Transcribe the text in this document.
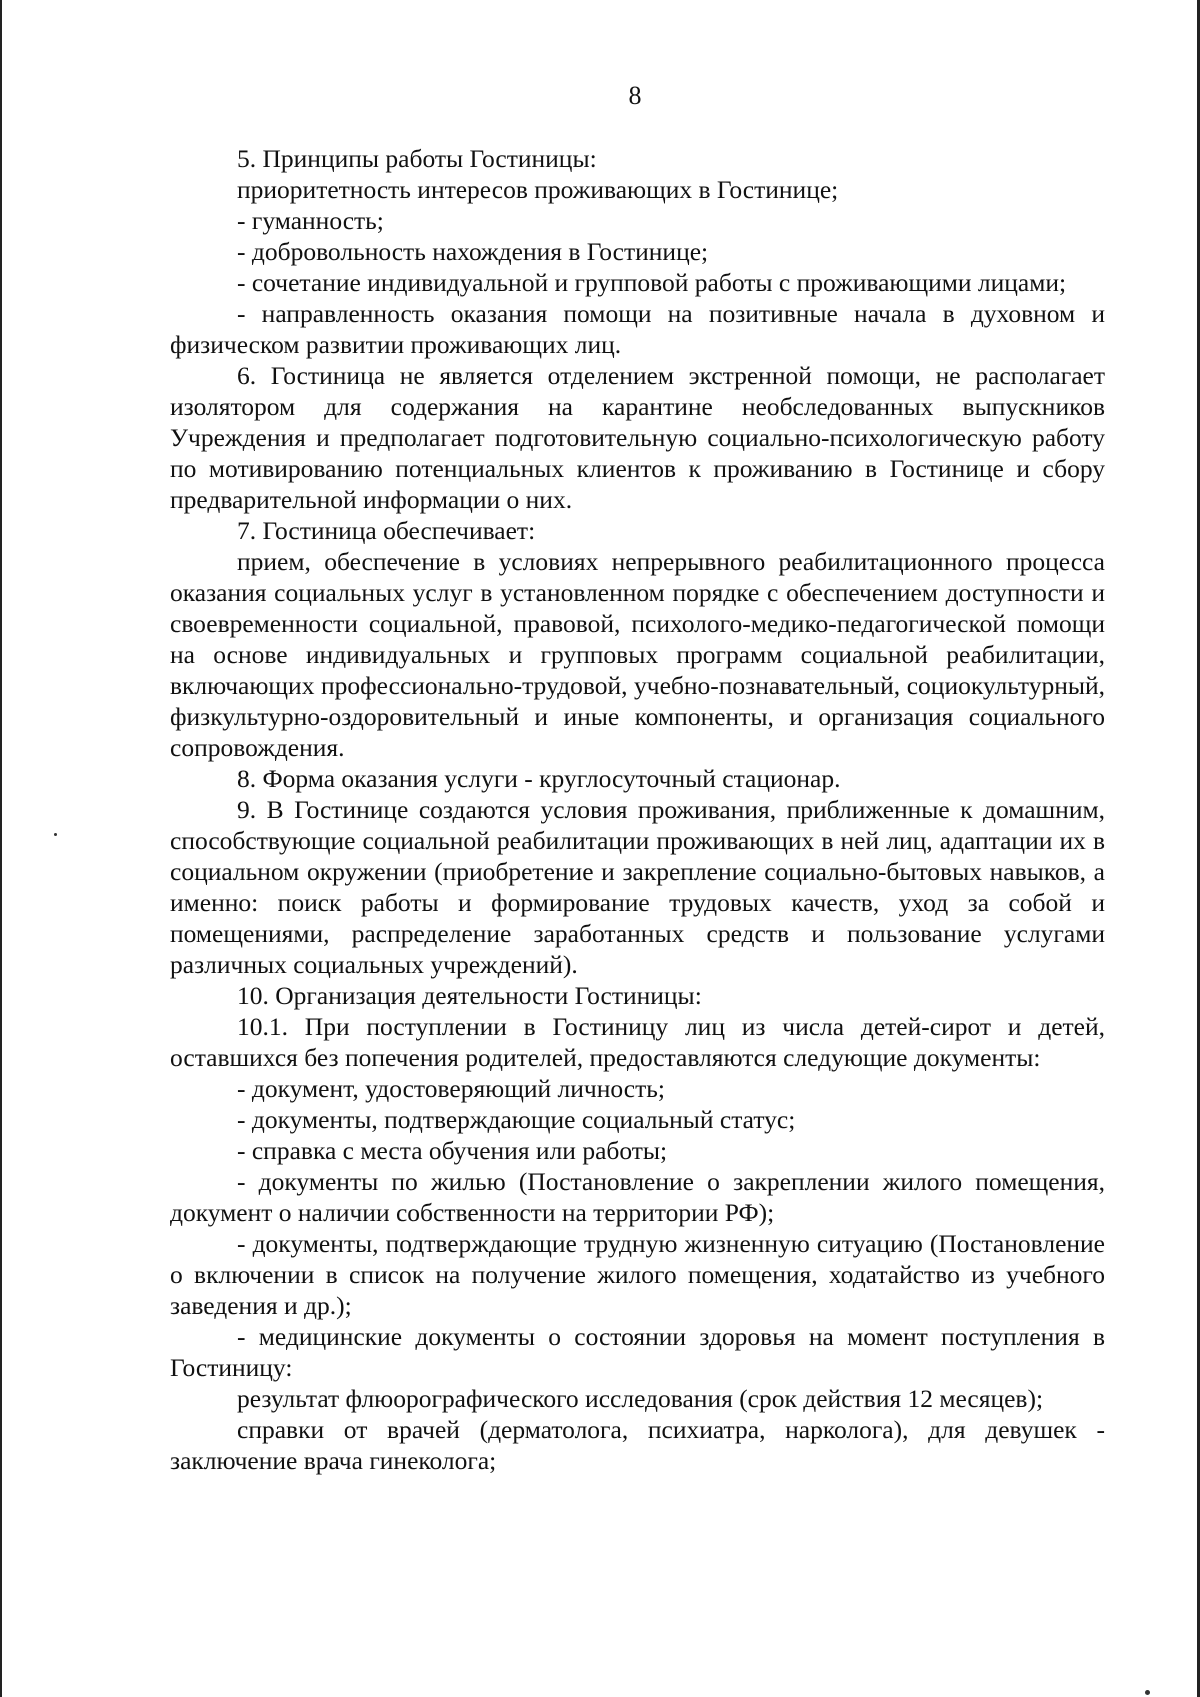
8

5. Принципы работы Гостиницы:

приоритетность интересов проживающих в Гостинице;

- гуманность;

- добровольность нахождения в Гостинице;

- сочетание индивидуальной и групповой работы с проживающими лицами;

- направленность оказания помощи на позитивные начала в духовном и физическом развитии проживающих лиц.

6. Гостиница не является отделением экстренной помощи, не располагает изолятором для содержания на карантине необследованных выпускников Учреждения и предполагает подготовительную социально-психологическую работу по мотивированию потенциальных клиентов к проживанию в Гостинице и сбору предварительной информации о них.

7. Гостиница обеспечивает:

прием, обеспечение в условиях непрерывного реабилитационного процесса оказания социальных услуг в установленном порядке с обеспечением доступности и своевременности социальной, правовой, психолого-медико-педагогической помощи на основе индивидуальных и групповых программ социальной реабилитации, включающих профессионально-трудовой, учебно-познавательный, социокультурный, физкультурно-оздоровительный и иные компоненты, и организация социального сопровождения.

8. Форма оказания услуги - круглосуточный стационар.

9. В Гостинице создаются условия проживания, приближенные к домашним, способствующие социальной реабилитации проживающих в ней лиц, адаптации их в социальном окружении (приобретение и закрепление социально-бытовых навыков, а именно: поиск работы и формирование трудовых качеств, уход за собой и помещениями, распределение заработанных средств и пользование услугами различных социальных учреждений).

10. Организация деятельности Гостиницы:

10.1. При поступлении в Гостиницу лиц из числа детей-сирот и детей, оставшихся без попечения родителей, предоставляются следующие документы:

- документ, удостоверяющий личность;

- документы, подтверждающие социальный статус;

- справка с места обучения или работы;

- документы по жилью (Постановление о закреплении жилого помещения, документ о наличии собственности на территории РФ);

- документы, подтверждающие трудную жизненную ситуацию (Постановление о включении в список на получение жилого помещения, ходатайство из учебного заведения и др.);

- медицинские документы о состоянии здоровья на момент поступления в Гостиницу:

результат флюорографического исследования (срок действия 12 месяцев);

справки от врачей (дерматолога, психиатра, нарколога), для девушек - заключение врача гинеколога;
